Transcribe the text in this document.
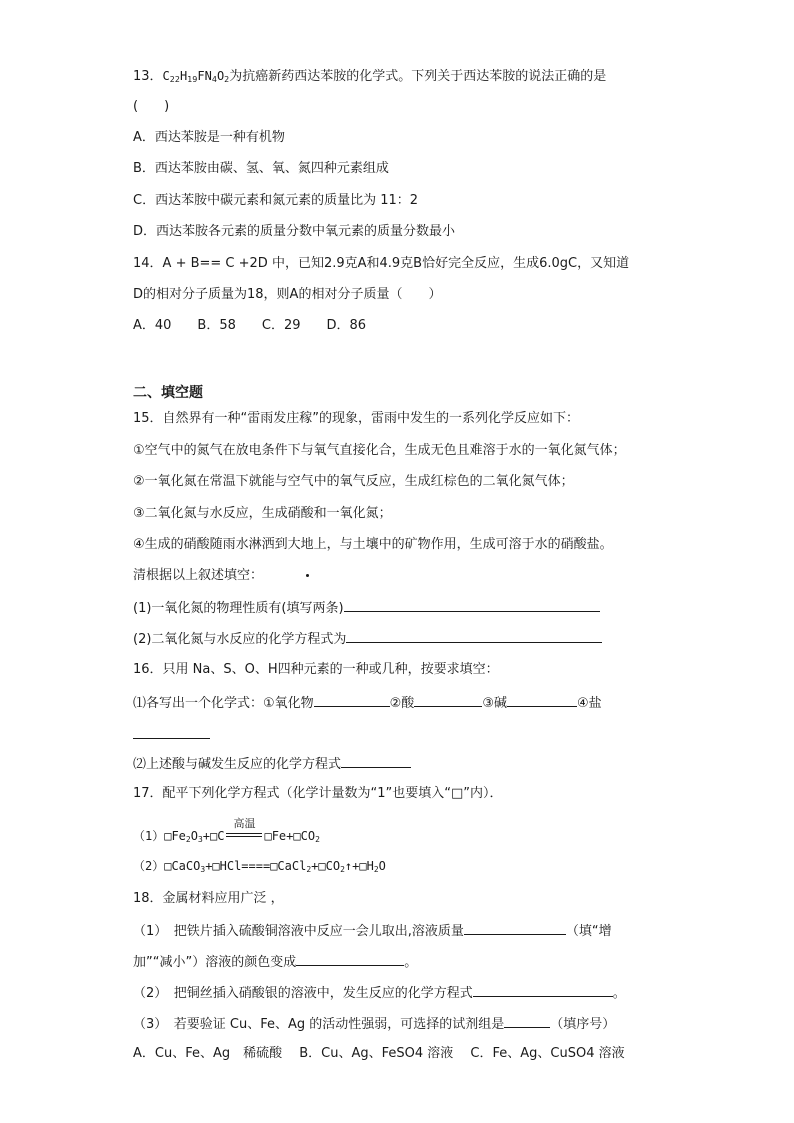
13．$C_{22}H_{19}FN_4O_2$为抗癌新药西达苯胺的化学式。下列关于西达苯胺的说法正确的是
(　　)
A．西达苯胺是一种有机物
B．西达苯胺由碳、氢、氧、氮四种元素组成
C．西达苯胺中碳元素和氮元素的质量比为 11：2
D．西达苯胺各元素的质量分数中氧元素的质量分数最小
14．A + B== C +2D 中，已知2.9克A和4.9克B恰好完全反应，生成6.0gC，又知道
D的相对分子质量为18，则A的相对分子质量（　　）
A．40　　B．58　　C．29　　D．86
二、填空题
15．自然界有一种“雷雨发庄稼”的现象，雷雨中发生的一系列化学反应如下：
①空气中的氮气在放电条件下与氧气直接化合，生成无色且难溶于水的一氧化氮气体；
②一氧化氮在常温下就能与空气中的氧气反应，生成红棕色的二氧化氮气体；
③二氧化氮与水反应，生成硝酸和一氧化氮；
④生成的硝酸随雨水淋洒到大地上，与土壤中的矿物作用，生成可溶于水的硝酸盐。
清根据以上叙述填空：
(1)一氧化氮的物理性质有(填写两条)
(2)二氧化氮与水反应的化学方程式为
16．只用 Na、S、O、H四种元素的一种或几种，按要求填空：
⑴各写出一个化学式：①氧化物	②酸	③碱	④盐
⑵上述酸与碱发生反应的化学方程式
17．配平下列化学方程式（化学计量数为“1”也要填入“□”内）．
$(1)□Fe_2O_3+□C$
高温
$□Fe+□CO_2$
$(2)□CaCO_3+□HCl====□CaCl_2+□CO_2↑+□H_2O$
18．金属材料应用广泛 ，
（1）　把铁片插入硫酸铜溶液中反应一会儿取出,溶液质量	（填“增
加”“减小”）溶液的颜色变成	。
（2）　把铜丝插入硝酸银的溶液中，发生反应的化学方程式	。
（3）　若要验证 Cu、Fe、Ag 的活动性强弱，可选择的试剂组是	（填序号）
A．Cu、Fe、Ag　稀硫酸　 B．Cu、Ag、FeSO4 溶液　 C．Fe、Ag、CuSO4 溶液
